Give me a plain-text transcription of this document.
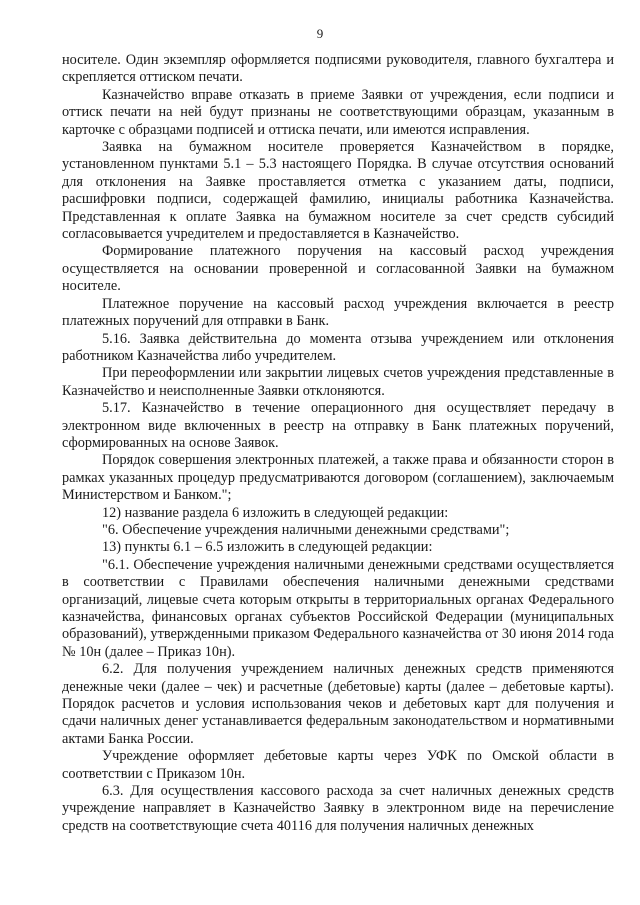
9

носителе. Один экземпляр оформляется подписями руководителя, главного бухгалтера и скрепляется оттиском печати.

Казначейство вправе отказать в приеме Заявки от учреждения, если подписи и оттиск печати на ней будут признаны не соответствующими образцам, указанным в карточке с образцами подписей и оттиска печати, или имеются исправления.

Заявка на бумажном носителе проверяется Казначейством в порядке, установленном пунктами 5.1 – 5.3 настоящего Порядка. В случае отсутствия оснований для отклонения на Заявке проставляется отметка с указанием даты, подписи, расшифровки подписи, содержащей фамилию, инициалы работника Казначейства. Представленная к оплате Заявка на бумажном носителе за счет средств субсидий согласовывается учредителем и предоставляется в Казначейство.

Формирование платежного поручения на кассовый расход учреждения осуществляется на основании проверенной и согласованной Заявки на бумажном носителе.

Платежное поручение на кассовый расход учреждения включается в реестр платежных поручений для отправки в Банк.

5.16. Заявка действительна до момента отзыва учреждением или отклонения работником Казначейства либо учредителем.

При переоформлении или закрытии лицевых счетов учреждения представленные в Казначейство и неисполненные Заявки отклоняются.

5.17. Казначейство в течение операционного дня осуществляет передачу в электронном виде включенных в реестр на отправку в Банк платежных поручений, сформированных на основе Заявок.

Порядок совершения электронных платежей, а также права и обязанности сторон в рамках указанных процедур предусматриваются договором (соглашением), заключаемым Министерством и Банком.";

12) название раздела 6 изложить в следующей редакции:

"6. Обеспечение учреждения наличными денежными средствами";

13) пункты 6.1 – 6.5 изложить в следующей редакции:

"6.1. Обеспечение учреждения наличными денежными средствами осуществляется в соответствии с Правилами обеспечения наличными денежными средствами организаций, лицевые счета которым открыты в территориальных органах Федерального казначейства, финансовых органах субъектов Российской Федерации (муниципальных образований), утвержденными приказом Федерального казначейства от 30 июня 2014 года № 10н (далее – Приказ 10н).

6.2. Для получения учреждением наличных денежных средств применяются денежные чеки (далее – чек) и расчетные (дебетовые) карты (далее – дебетовые карты). Порядок расчетов и условия использования чеков и дебетовых карт для получения и сдачи наличных денег устанавливается федеральным законодательством и нормативными актами Банка России.

Учреждение оформляет дебетовые карты через УФК по Омской области в соответствии с Приказом 10н.

6.3. Для осуществления кассового расхода за счет наличных денежных средств учреждение направляет в Казначейство Заявку в электронном виде на перечисление средств на соответствующие счета 40116 для получения наличных денежных
